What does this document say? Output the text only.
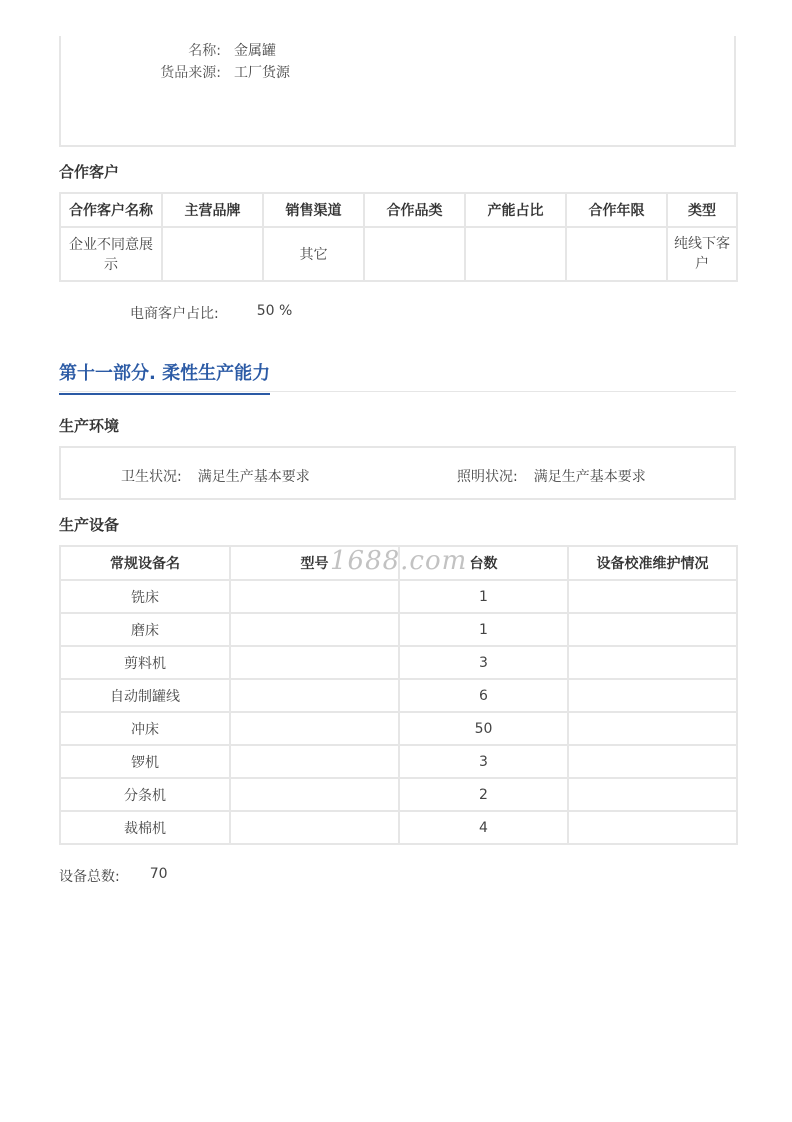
名称: 金属罐
货品来源: 工厂货源
合作客户
合作客户名称	主营品牌	销售渠道	合作品类	产能占比	合作年限	类型
企业不同意展示		其它				纯线下客户
电商客户占比:	50 %
第十一部分. 柔性生产能力
生产环境
卫生状况: 满足生产基本要求	照明状况: 满足生产基本要求
生产设备
常规设备名	型号	台数	设备校准维护情况
铣床		1	
磨床		1	
剪料机		3	
自动制罐线		6	
冲床		50	
锣机		3	
分条机		2	
裁棉机		4	
1688.com
设备总数: 70
